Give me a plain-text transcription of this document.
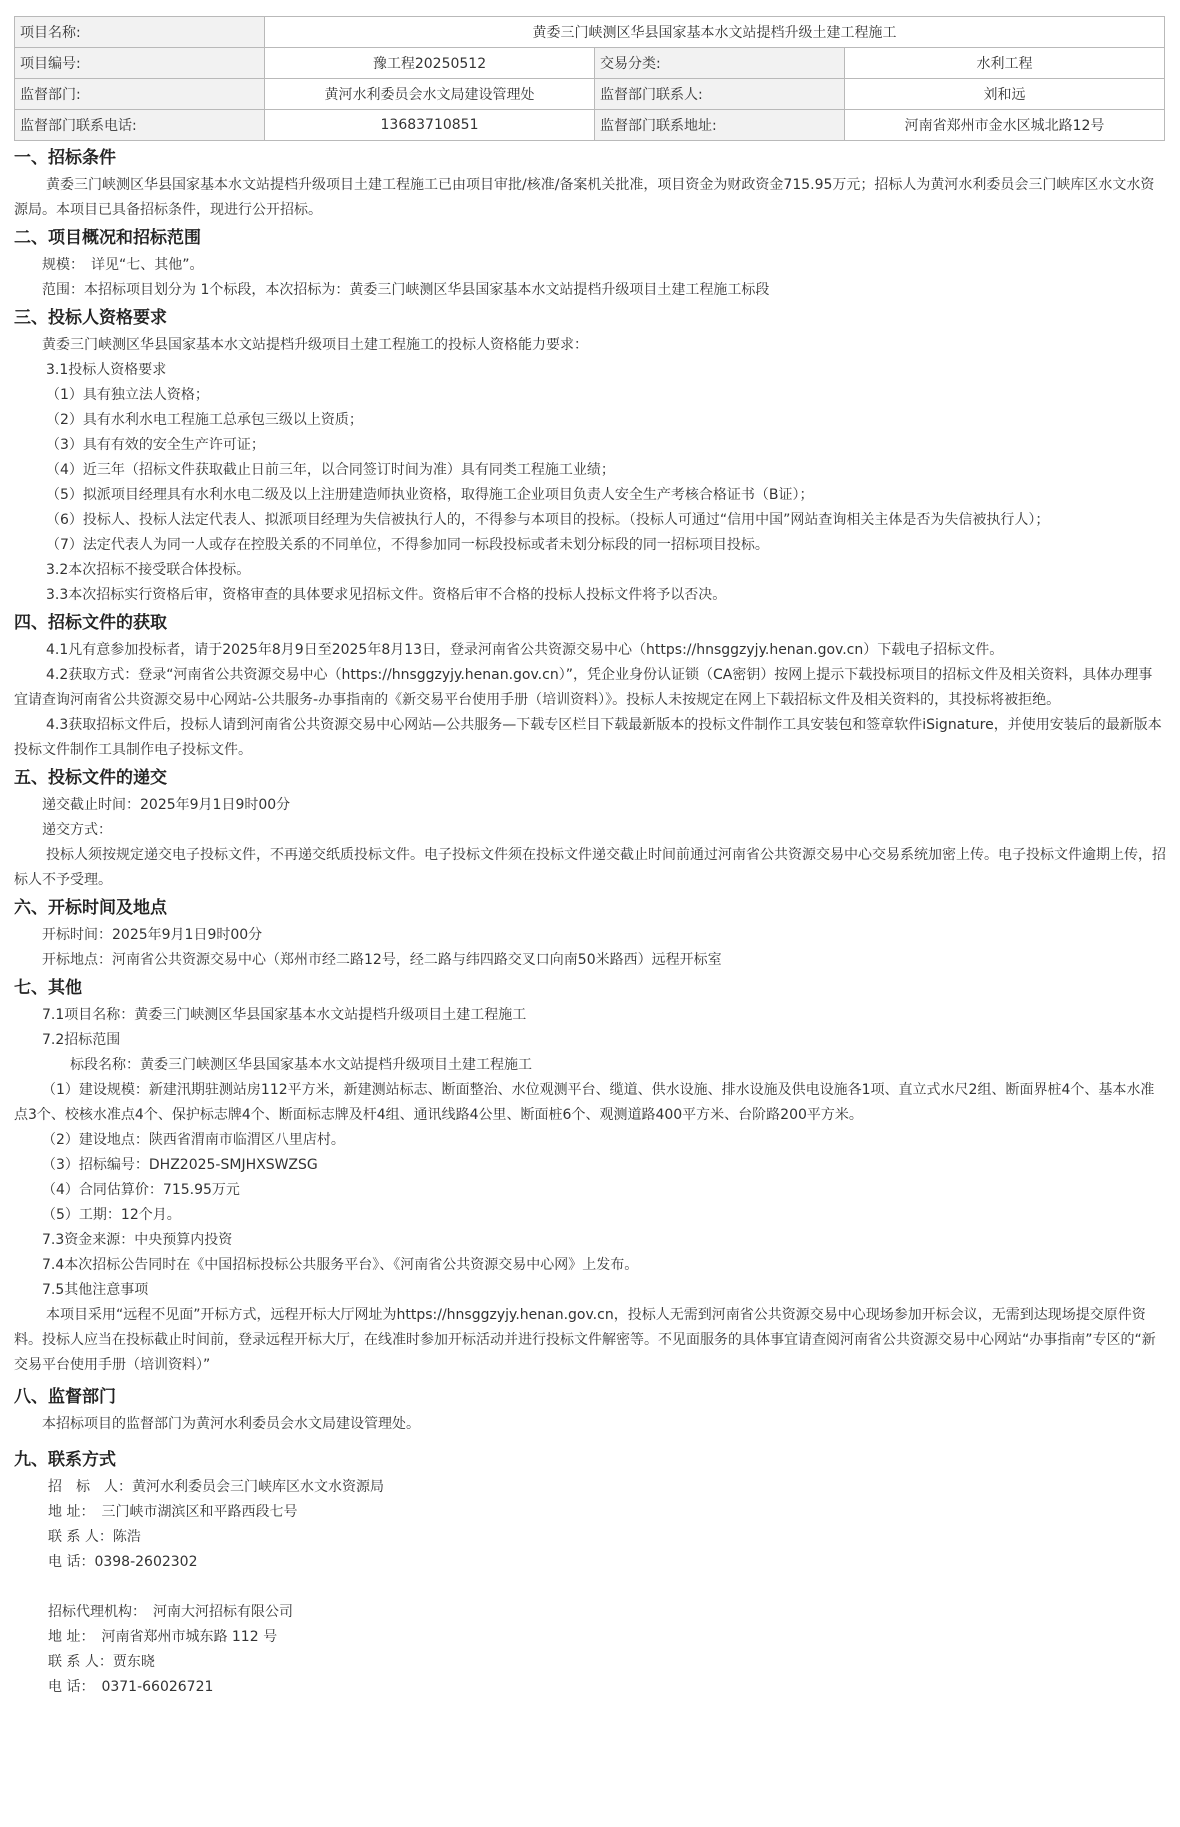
项目名称:	黄委三门峡测区华县国家基本水文站提档升级土建工程施工		
项目编号:	豫工程20250512	交易分类:	水利工程
监督部门:	黄河水利委员会水文局建设管理处	监督部门联系人:	刘和远
监督部门联系电话:	13683710851	监督部门联系地址:	河南省郑州市金水区城北路12号
一、招标条件

黄委三门峡测区华县国家基本水文站提档升级项目土建工程施工已由项目审批/核准/备案机关批准，项目资金为财政资金715.95万元；招标人为黄河水利委员会三门峡库区水文水资源局。本项目已具备招标条件，现进行公开招标。

二、项目概况和招标范围

规模：　详见“七、其他”。

范围：本招标项目划分为 1个标段，本次招标为：黄委三门峡测区华县国家基本水文站提档升级项目土建工程施工标段

三、投标人资格要求

黄委三门峡测区华县国家基本水文站提档升级项目土建工程施工的投标人资格能力要求：

3.1投标人资格要求

（1）具有独立法人资格；

（2）具有水利水电工程施工总承包三级以上资质；

（3）具有有效的安全生产许可证；

（4）近三年（招标文件获取截止日前三年，以合同签订时间为准）具有同类工程施工业绩；

（5）拟派项目经理具有水利水电二级及以上注册建造师执业资格，取得施工企业项目负责人安全生产考核合格证书（B证）；

（6）投标人、投标人法定代表人、拟派项目经理为失信被执行人的，不得参与本项目的投标。（投标人可通过“信用中国”网站查询相关主体是否为失信被执行人）；

（7）法定代表人为同一人或存在控股关系的不同单位，不得参加同一标段投标或者未划分标段的同一招标项目投标。

3.2本次招标不接受联合体投标。

3.3本次招标实行资格后审，资格审查的具体要求见招标文件。资格后审不合格的投标人投标文件将予以否决。

四、招标文件的获取

4.1凡有意参加投标者，请于2025年8月9日至2025年8月13日，登录河南省公共资源交易中心（https://hnsggzyjy.henan.gov.cn）下载电子招标文件。

4.2获取方式：登录“河南省公共资源交易中心（https://hnsggzyjy.henan.gov.cn）”，凭企业身份认证锁（CA密钥）按网上提示下载投标项目的招标文件及相关资料，具体办理事宜请查询河南省公共资源交易中心网站-公共服务-办事指南的《新交易平台使用手册（培训资料）》。投标人未按规定在网上下载招标文件及相关资料的，其投标将被拒绝。

4.3获取招标文件后，投标人请到河南省公共资源交易中心网站—公共服务—下载专区栏目下载最新版本的投标文件制作工具安装包和签章软件iSignature，并使用安装后的最新版本投标文件制作工具制作电子投标文件。

五、投标文件的递交

递交截止时间：2025年9月1日9时00分

递交方式：

投标人须按规定递交电子投标文件，不再递交纸质投标文件。电子投标文件须在投标文件递交截止时间前通过河南省公共资源交易中心交易系统加密上传。电子投标文件逾期上传，招标人不予受理。

六、开标时间及地点

开标时间：2025年9月1日9时00分

开标地点：河南省公共资源交易中心（郑州市经二路12号，经二路与纬四路交叉口向南50米路西）远程开标室

七、其他

7.1项目名称：黄委三门峡测区华县国家基本水文站提档升级项目土建工程施工

7.2招标范围

标段名称：黄委三门峡测区华县国家基本水文站提档升级项目土建工程施工

（1）建设规模：新建汛期驻测站房112平方米，新建测站标志、断面整治、水位观测平台、缆道、供水设施、排水设施及供电设施各1项、直立式水尺2组、断面界桩4个、基本水准点3个、校核水准点4个、保护标志牌4个、断面标志牌及杆4组、通讯线路4公里、断面桩6个、观测道路400平方米、台阶路200平方米。

（2）建设地点：陕西省渭南市临渭区八里店村。

（3）招标编号：DHZ2025-SMJHXSWZSG

（4）合同估算价：715.95万元

（5）工期：12个月。

7.3资金来源：中央预算内投资

7.4本次招标公告同时在《中国招标投标公共服务平台》、《河南省公共资源交易中心网》上发布。

7.5其他注意事项

本项目采用“远程不见面”开标方式，远程开标大厅网址为https://hnsggzyjy.henan.gov.cn，投标人无需到河南省公共资源交易中心现场参加开标会议，无需到达现场提交原件资料。投标人应当在投标截止时间前，登录远程开标大厅，在线准时参加开标活动并进行投标文件解密等。不见面服务的具体事宜请查阅河南省公共资源交易中心网站“办事指南”专区的“新交易平台使用手册（培训资料）”

八、监督部门

本招标项目的监督部门为黄河水利委员会水文局建设管理处。

九、联系方式

招　标　人：黄河水利委员会三门峡库区水文水资源局

地 址：　三门峡市湖滨区和平路西段七号

联 系 人：陈浩

电 话：0398-2602302

招标代理机构：　河南大河招标有限公司

地 址：　河南省郑州市城东路 112 号

联 系 人：贾东晓

电 话：　0371-66026721
